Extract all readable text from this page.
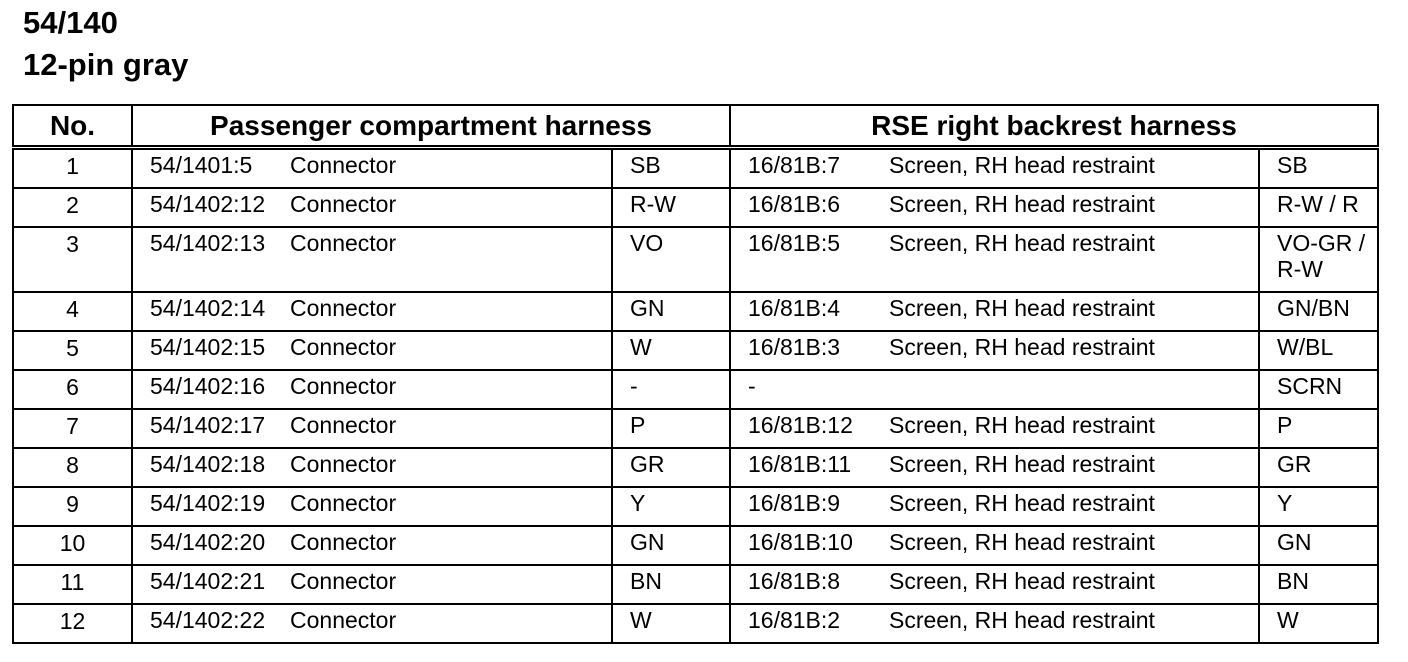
54/140
12-pin gray
No.	Passenger compartment harness		RSE right backrest harness	
1	54/1401:5 Connector	SB	16/81B:7 Screen, RH head restraint	SB
2	54/1402:12 Connector	R-W	16/81B:6 Screen, RH head restraint	R-W / R
3	54/1402:13 Connector	VO	16/81B:5 Screen, RH head restraint	VO-GR / R-W
4	54/1402:14 Connector	GN	16/81B:4 Screen, RH head restraint	GN/BN
5	54/1402:15 Connector	W	16/81B:3 Screen, RH head restraint	W/BL
6	54/1402:16 Connector	-	-	SCRN
7	54/1402:17 Connector	P	16/81B:12 Screen, RH head restraint	P
8	54/1402:18 Connector	GR	16/81B:11 Screen, RH head restraint	GR
9	54/1402:19 Connector	Y	16/81B:9 Screen, RH head restraint	Y
10	54/1402:20 Connector	GN	16/81B:10 Screen, RH head restraint	GN
11	54/1402:21 Connector	BN	16/81B:8 Screen, RH head restraint	BN
12	54/1402:22 Connector	W	16/81B:2 Screen, RH head restraint	W
